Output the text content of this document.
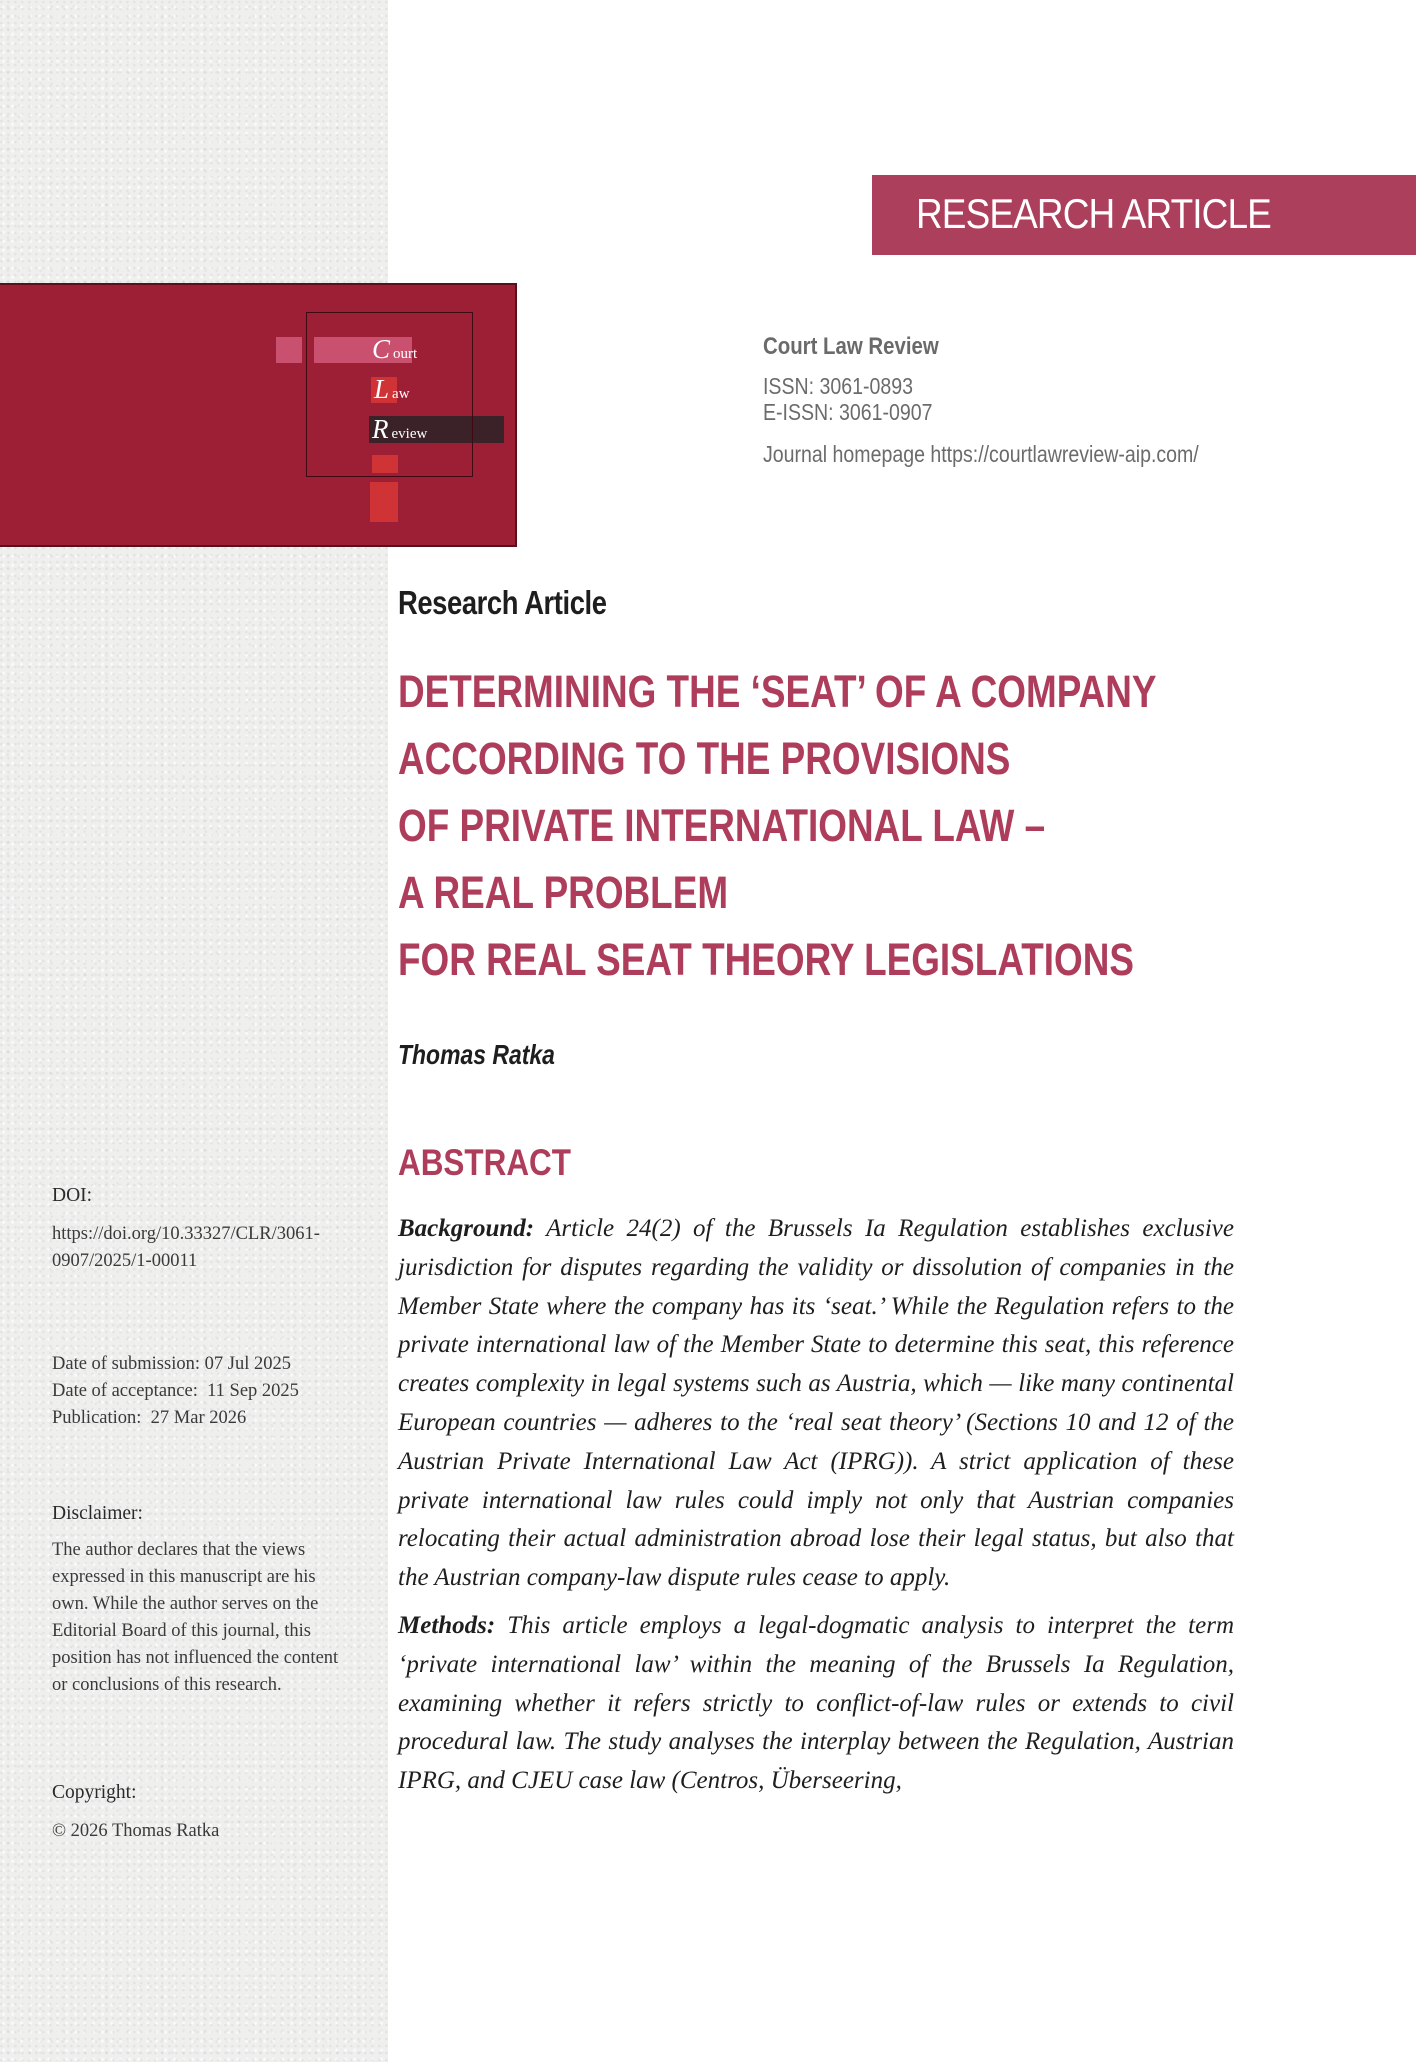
RESEARCH ARTICLE
C ourt
L aw
R eview
Court Law Review
ISSN: 3061-0893
E-ISSN: 3061-0907
Journal homepage https://courtlawreview-aip.com/
Research Article
DETERMINING THE ‘SEAT’ OF A COMPANY
ACCORDING TO THE PROVISIONS
OF PRIVATE INTERNATIONAL LAW –
A REAL PROBLEM
FOR REAL SEAT THEORY LEGISLATIONS
Thomas Ratka
ABSTRACT

Background: Article 24(2) of the Brussels Ia Regulation establishes exclusive jurisdiction for disputes regarding the validity or dissolution of companies in the Member State where the company has its ‘seat.’ While the Regulation refers to the private international law of the Member State to determine this seat, this reference creates complexity in legal systems such as Austria, which — like many continental European countries — adheres to the ‘real seat theory’ (Sections 10 and 12 of the Austrian Private International Law Act (IPRG)). A strict application of these private international law rules could imply not only that Austrian companies relocating their actual administration abroad lose their legal status, but also that the Austrian company-law dispute rules cease to apply.

Methods: This article employs a legal-dogmatic analysis to interpret the term ‘private international law’ within the meaning of the Brussels Ia Regulation, examining whether it refers strictly to conflict-of-law rules or extends to civil procedural law. The study analyses the interplay between the Regulation, Austrian IPRG, and CJEU case law (Centros, Überseering,

DOI:
https://doi.org/10.33327/CLR/3061-
0907/2025/1-00011
Date of submission: 07 Jul 2025
Date of acceptance:  11 Sep 2025
Publication:  27 Mar 2026
Disclaimer:
The author declares that the views
expressed in this manuscript are his
own. While the author serves on the
Editorial Board of this journal, this
position has not influenced the content
or conclusions of this research.
Copyright:
© 2026 Thomas Ratka
